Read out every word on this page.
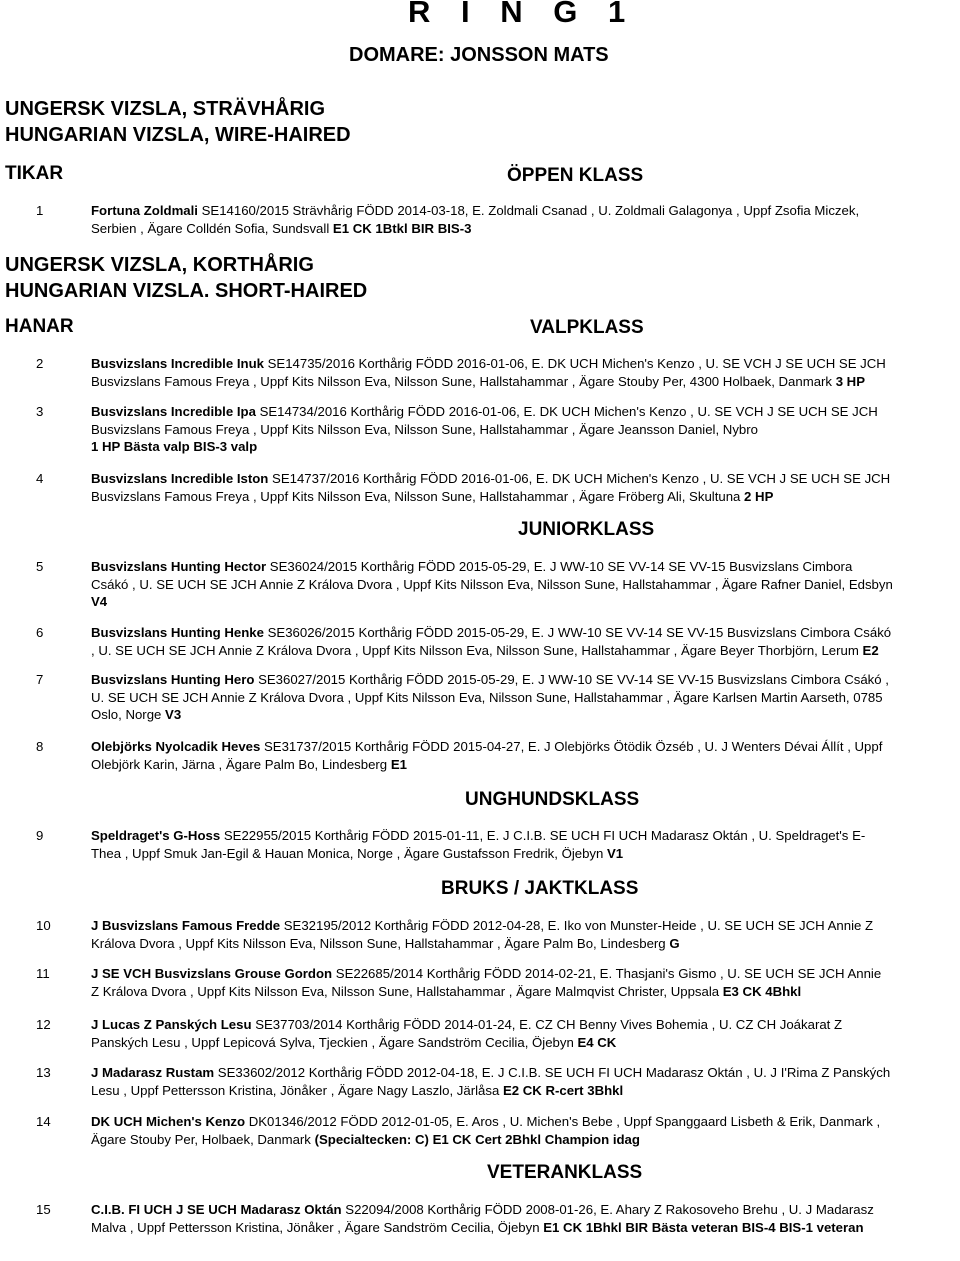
R I N G 1
DOMARE: JONSSON MATS
UNGERSK VIZSLA, STRÄVHÅRIG
HUNGARIAN VIZSLA, WIRE-HAIRED
TIKAR	ÖPPEN KLASS
1	Fortuna Zoldmali SE14160/2015 Strävhårig FÖDD 2014-03-18, E. Zoldmali Csanad , U. Zoldmali Galagonya , Uppf Zsofia Miczek,
Serbien , Ägare Colldén Sofia, Sundsvall E1 CK 1Btkl BIR BIS-3
UNGERSK VIZSLA, KORTHÅRIG
HUNGARIAN VIZSLA. SHORT-HAIRED
HANAR	VALPKLASS
2	Busvizslans Incredible Inuk SE14735/2016 Korthårig FÖDD 2016-01-06, E. DK UCH Michen's Kenzo , U. SE VCH J SE UCH SE JCH
Busvizslans Famous Freya , Uppf Kits Nilsson Eva, Nilsson Sune, Hallstahammar , Ägare Stouby Per, 4300 Holbaek, Danmark 3 HP
3	Busvizslans Incredible Ipa SE14734/2016 Korthårig FÖDD 2016-01-06, E. DK UCH Michen's Kenzo , U. SE VCH J SE UCH SE JCH
Busvizslans Famous Freya , Uppf Kits Nilsson Eva, Nilsson Sune, Hallstahammar , Ägare Jeansson Daniel, Nybro
1 HP Bästa valp BIS-3 valp
4	Busvizslans Incredible Iston SE14737/2016 Korthårig FÖDD 2016-01-06, E. DK UCH Michen's Kenzo , U. SE VCH J SE UCH SE JCH
Busvizslans Famous Freya , Uppf Kits Nilsson Eva, Nilsson Sune, Hallstahammar , Ägare Fröberg Ali, Skultuna 2 HP
JUNIORKLASS
5	Busvizslans Hunting Hector SE36024/2015 Korthårig FÖDD 2015-05-29, E. J WW-10 SE VV-14 SE VV-15 Busvizslans Cimbora
Csákó , U. SE UCH SE JCH Annie Z Králova Dvora , Uppf Kits Nilsson Eva, Nilsson Sune, Hallstahammar , Ägare Rafner Daniel, Edsbyn
V4
6	Busvizslans Hunting Henke SE36026/2015 Korthårig FÖDD 2015-05-29, E. J WW-10 SE VV-14 SE VV-15 Busvizslans Cimbora Csákó
, U. SE UCH SE JCH Annie Z Králova Dvora , Uppf Kits Nilsson Eva, Nilsson Sune, Hallstahammar , Ägare Beyer Thorbjörn, Lerum E2
7	Busvizslans Hunting Hero SE36027/2015 Korthårig FÖDD 2015-05-29, E. J WW-10 SE VV-14 SE VV-15 Busvizslans Cimbora Csákó ,
U. SE UCH SE JCH Annie Z Králova Dvora , Uppf Kits Nilsson Eva, Nilsson Sune, Hallstahammar , Ägare Karlsen Martin Aarseth, 0785
Oslo, Norge V3
8	Olebjörks Nyolcadik Heves SE31737/2015 Korthårig FÖDD 2015-04-27, E. J Olebjörks Ötödik Özséb , U. J Wenters Dévai Állít , Uppf
Olebjörk Karin, Järna , Ägare Palm Bo, Lindesberg E1
UNGHUNDSKLASS
9	Speldraget's G-Hoss SE22955/2015 Korthårig FÖDD 2015-01-11, E. J C.I.B. SE UCH FI UCH Madarasz Oktán , U. Speldraget's E-
Thea , Uppf Smuk Jan-Egil & Hauan Monica, Norge , Ägare Gustafsson Fredrik, Öjebyn V1
BRUKS / JAKTKLASS
10	J Busvizslans Famous Fredde SE32195/2012 Korthårig FÖDD 2012-04-28, E. Iko von Munster-Heide , U. SE UCH SE JCH Annie Z
Králova Dvora , Uppf Kits Nilsson Eva, Nilsson Sune, Hallstahammar , Ägare Palm Bo, Lindesberg G
11	J SE VCH Busvizslans Grouse Gordon SE22685/2014 Korthårig FÖDD 2014-02-21, E. Thasjani's Gismo , U. SE UCH SE JCH Annie
Z Králova Dvora , Uppf Kits Nilsson Eva, Nilsson Sune, Hallstahammar , Ägare Malmqvist Christer, Uppsala E3 CK 4Bhkl
12	J Lucas Z Panských Lesu SE37703/2014 Korthårig FÖDD 2014-01-24, E. CZ CH Benny Vives Bohemia , U. CZ CH Joákarat Z
Panských Lesu , Uppf Lepicová Sylva, Tjeckien , Ägare Sandström Cecilia, Öjebyn E4 CK
13	J Madarasz Rustam SE33602/2012 Korthårig FÖDD 2012-04-18, E. J C.I.B. SE UCH FI UCH Madarasz Oktán , U. J I'Rima Z Panských
Lesu , Uppf Pettersson Kristina, Jönåker , Ägare Nagy Laszlo, Järlåsa E2 CK R-cert 3Bhkl
14	DK UCH Michen's Kenzo DK01346/2012 FÖDD 2012-01-05, E. Aros , U. Michen's Bebe , Uppf Spanggaard Lisbeth & Erik, Danmark ,
Ägare Stouby Per, Holbaek, Danmark (Specialtecken: C) E1 CK Cert 2Bhkl Champion idag
VETERANKLASS
15	C.I.B. FI UCH J SE UCH Madarasz Oktán S22094/2008 Korthårig FÖDD 2008-01-26, E. Ahary Z Rakosoveho Brehu , U. J Madarasz
Malva , Uppf Pettersson Kristina, Jönåker , Ägare Sandström Cecilia, Öjebyn E1 CK 1Bhkl BIR Bästa veteran BIS-4 BIS-1 veteran
